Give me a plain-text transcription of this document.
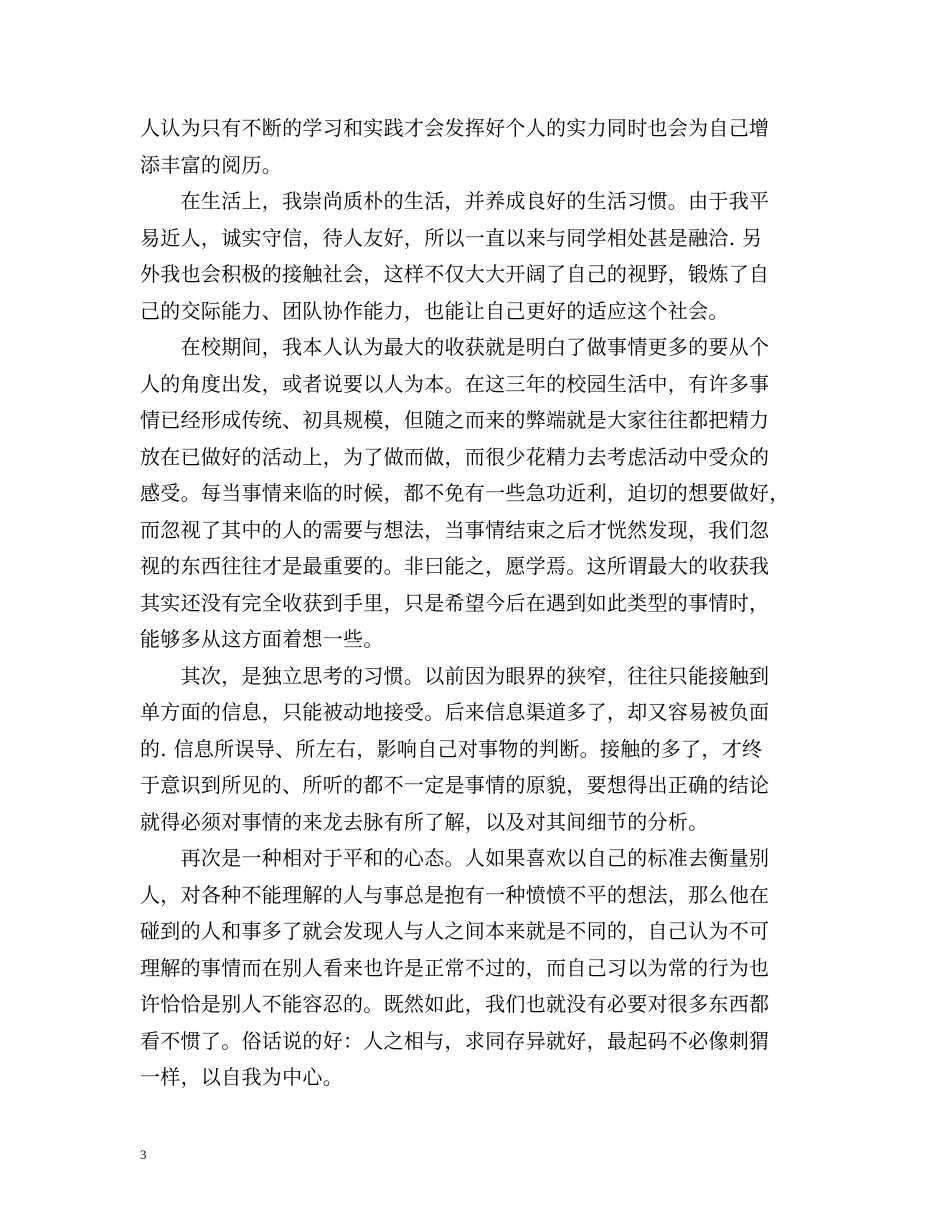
人认为只有不断的学习和实践才会发挥好个人的实力同时也会为自己增
添丰富的阅历。
　　在生活上，我崇尚质朴的生活，并养成良好的生活习惯。由于我平
易近人，诚实守信，待人友好，所以一直以来与同学相处甚是融洽. 另
外我也会积极的接触社会，这样不仅大大开阔了自己的视野，锻炼了自
己的交际能力、团队协作能力，也能让自己更好的适应这个社会。
　　在校期间，我本人认为最大的收获就是明白了做事情更多的要从个
人的角度出发，或者说要以人为本。在这三年的校园生活中，有许多事
情已经形成传统、初具规模，但随之而来的弊端就是大家往往都把精力
放在已做好的活动上，为了做而做，而很少花精力去考虑活动中受众的
感受。每当事情来临的时候，都不免有一些急功近利，迫切的想要做好，
而忽视了其中的人的需要与想法，当事情结束之后才恍然发现，我们忽
视的东西往往才是最重要的。非曰能之，愿学焉。这所谓最大的收获我
其实还没有完全收获到手里，只是希望今后在遇到如此类型的事情时，
能够多从这方面着想一些。
　　其次，是独立思考的习惯。以前因为眼界的狭窄，往往只能接触到
单方面的信息，只能被动地接受。后来信息渠道多了，却又容易被负面
的. 信息所误导、所左右，影响自己对事物的判断。接触的多了，才终
于意识到所见的、所听的都不一定是事情的原貌，要想得出正确的结论
就得必须对事情的来龙去脉有所了解，以及对其间细节的分析。
　　再次是一种相对于平和的心态。人如果喜欢以自己的标准去衡量别
人，对各种不能理解的人与事总是抱有一种愤愤不平的想法，那么他在
碰到的人和事多了就会发现人与人之间本来就是不同的，自己认为不可
理解的事情而在别人看来也许是正常不过的，而自己习以为常的行为也
许恰恰是别人不能容忍的。既然如此，我们也就没有必要对很多东西都
看不惯了。俗话说的好：人之相与，求同存异就好，最起码不必像刺猬
一样，以自我为中心。
3
